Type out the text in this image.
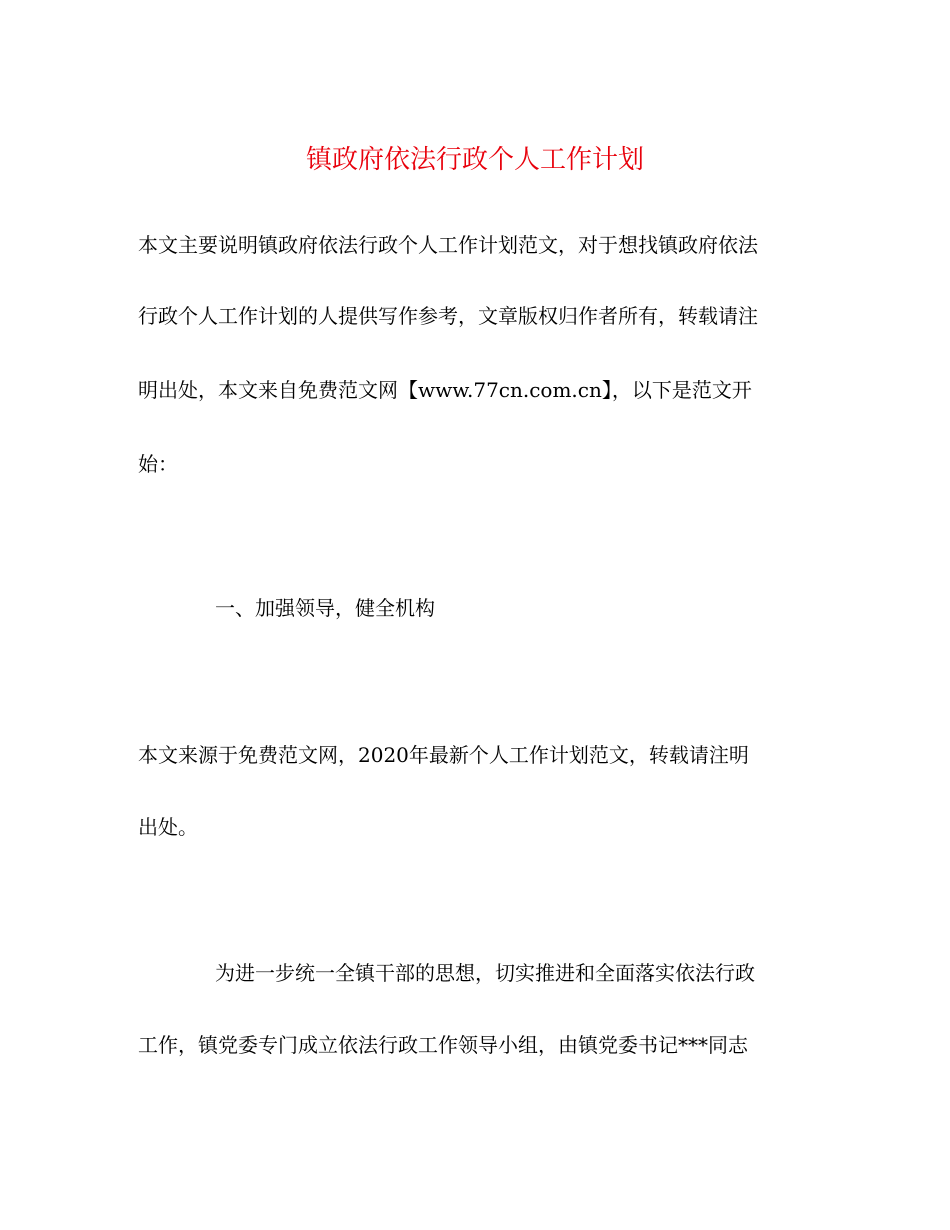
镇政府依法行政个人工作计划
本文主要说明镇政府依法行政个人工作计划范文，对于想找镇政府依法
行政个人工作计划的人提供写作参考，文章版权归作者所有，转载请注
明出处，本文来自免费范文网【www.77cn.com.cn】，以下是范文开
始：
一、加强领导，健全机构
本文来源于免费范文网，2020年最新个人工作计划范文，转载请注明
出处。
为进一步统一全镇干部的思想，切实推进和全面落实依法行政
工作，镇党委专门成立依法行政工作领导小组，由镇党委书记***同志
